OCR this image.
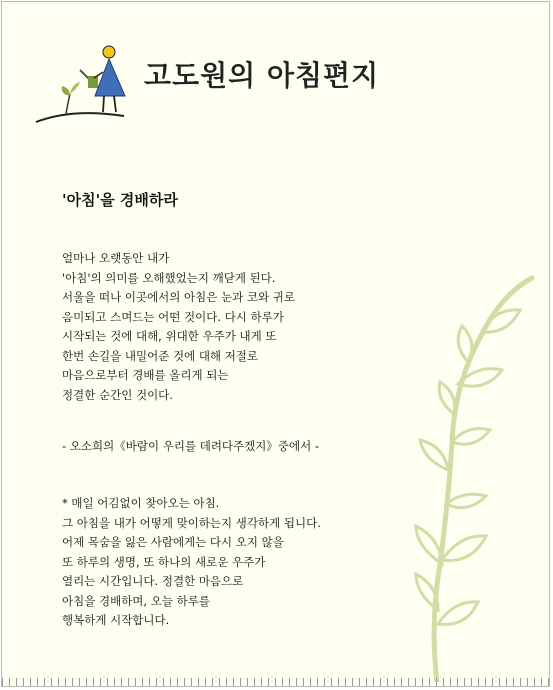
고도원의 아침편지
'아침'을 경배하라
얼마나 오랫동안 내가
'아침'의 의미를 오해했었는지 깨닫게 된다.
서울을 떠나 이곳에서의 아침은 눈과 코와 귀로
음미되고 스며드는 어떤 것이다. 다시 하루가
시작되는 것에 대해, 위대한 우주가 내게 또
한번 손길을 내밀어준 것에 대해 저절로
마음으로부터 경배를 올리게 되는
정결한 순간인 것이다.
- 오소희의《바람이 우리를 데려다주겠지》중에서 -
* 매일 어김없이 찾아오는 아침.
그 아침을 내가 어떻게 맞이하는지 생각하게 됩니다.
어제 목숨을 잃은 사람에게는 다시 오지 않을
또 하루의 생명, 또 하나의 새로운 우주가
열리는 시간입니다. 정결한 마음으로
아침을 경배하며, 오늘 하루를
행복하게 시작합니다.
